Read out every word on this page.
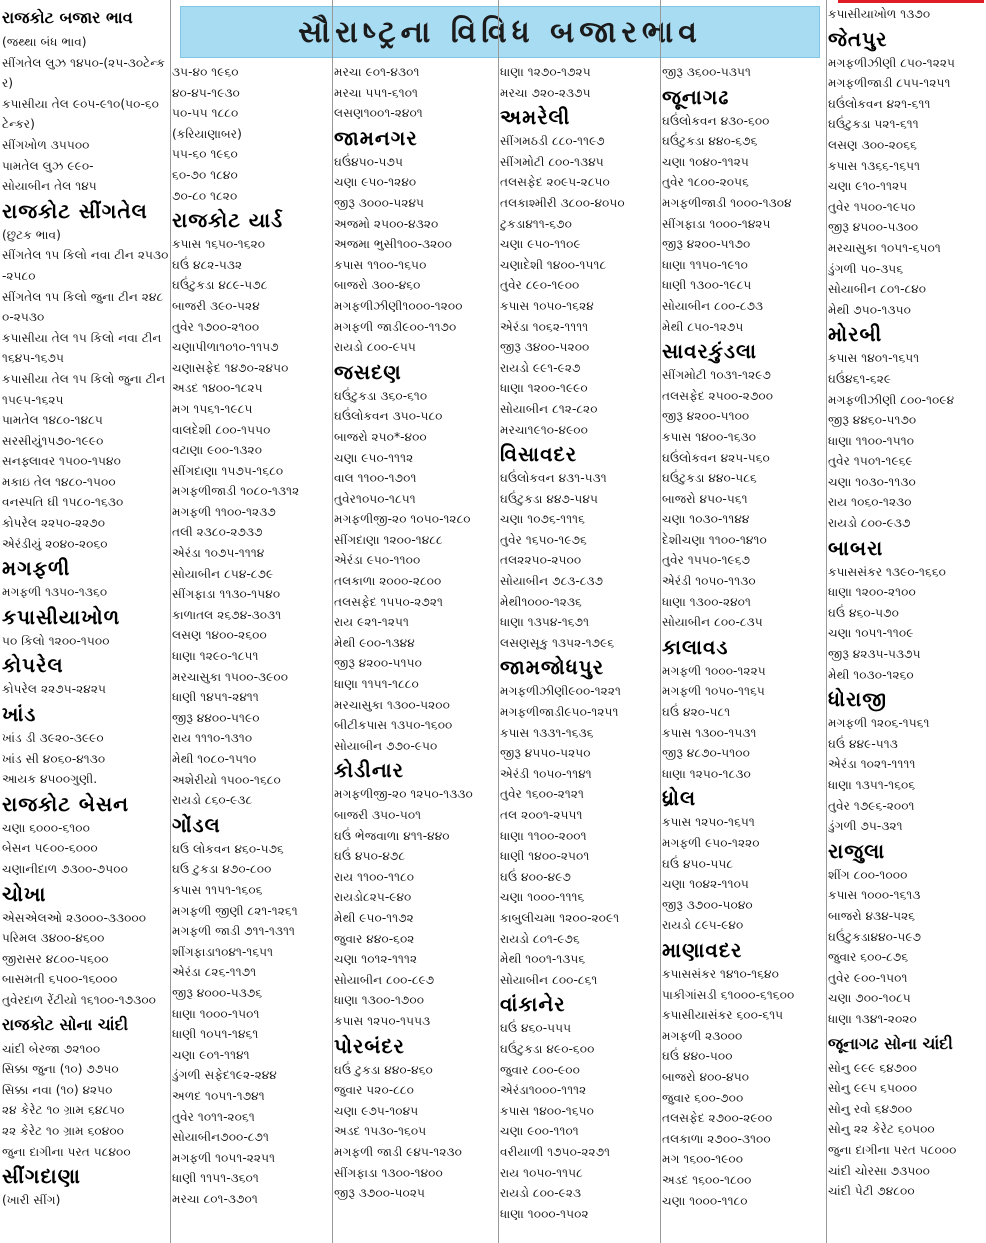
સૌરાષ્ટ્રના વિવિધ બજારભાવ
રાજકોટ બજાર ભાવ
(જથ્થા બંધ ભાવ)
સીંગતેલ લુઝ ૧૪૫૦-(૨૫-૩૦ટેન્કર)
કપાસીયા તેલ ૯૦૫-૯૧૦(૫૦-૬૦ ટેન્કર)
સીંગખોળ ૩૫૫૦૦
પામતેલ લુઝ ૯૯૦-
સોયાબીન તેલ ૧૪૫
રાજકોટ સીંગતેલ
(છુટક ભાવ)
સીંગતેલ ૧૫ કિલો નવા ટીન ૨૫૩૦-૨૫૮૦
સીંગતેલ ૧૫ કિલો જુના ટીન ૨૪૮૦-૨૫૩૦
કપાસીયા તેલ ૧૫ કિલો નવા ટીન ૧૬૪૫-૧૬૭૫
કપાસીયા તેલ ૧૫ કિલો જુના ટીન ૧૫૯૫-૧૬૨૫
પામતેલ ૧૪૮૦-૧૪૮૫
સરસીયું૧૫૭૦-૧૯૯૦
સનફ્લાવર ૧૫૦૦-૧૫૪૦
મકાઇ તેલ ૧૪૮૦-૧૫૦૦
વનસ્પતિ ઘી ૧૫૮૦-૧૬૩૦
કોપરેલ ૨૨૫૦-૨૨૭૦
એરંડીયું ૨૦૪૦-૨૦૬૦
મગફળી
મગફળી ૧૩૫૦-૧૩૬૦
કપાસીયાખોળ
૫૦ કિલો ૧૨૦૦-૧૫૦૦
કોપરેલ
કોપરેલ ૨૨૭૫-૨૪૨૫
ખાંડ
ખાંડ ડી ૩૯૨૦-૩૯૯૦
ખાંડ સી ૪૦૬૦-૪૧૩૦
આયક ૪૫૦૦ગુણી.
રાજકોટ બેસન
ચણા ૬૦૦૦-૬૧૦૦
બેસન ૫૯૦૦-૬૦૦૦
ચણાનીદાળ ૭૩૦૦-૭૫૦૦
ચોખા
એસએલઓ ૨૩૦૦૦-૩૩૦૦૦
પરિમલ ૩૪૦૦-૪૬૦૦
જીરાસર ૪૮૦૦-૫૬૦૦
બાસમતી ૬૫૦૦-૧૬૦૦૦
તુવેરદાળ રેંટીયો ૧૬૧૦૦-૧૭૩૦૦
રાજકોટ સોના ચાંદી
ચાંદી બેરજા ૭૨૧૦૦
સિક્કા જુના (૧૦) ૭૭૫૦
સિક્કા નવા (૧૦) ૪૨૫૦
૨૪ કેરેટ ૧૦ ગ્રામ ૬૪૮૫૦
૨૨ કેરેટ ૧૦ ગ્રામ ૬૦૪૦૦
જુના દાગીના પરત ૫૮૪૦૦
સીંગદાણા
(ખારી સીંગ)
૩૫-૪૦ ૧૯૬૦
૪૦-૪૫-૧૯૩૦
૫૦-૫૫ ૧૮૮૦
(કરિયાણાબર)
૫૫-૬૦ ૧૯૬૦
૬૦-૭૦ ૧૮૪૦
૭૦-૮૦ ૧૮૨૦
રાજકોટ યાર્ડ
કપાસ ૧૬૫૦-૧૬૨૦
ઘઉં ૪૮૨-૫૩૨
ઘઉંટુકડા ૪૮૯-૫૭૮
બાજરી ૩૯૦-૫૨૪
તુવેર ૧૭૦૦-૨૧૦૦
ચણાપીળા૧૦૧૦-૧૧૫૭
ચણાસફેદ ૧૪૭૦-૨૪૫૦
અડદ ૧૪૦૦-૧૮૨૫
મગ ૧૫૬૧-૧૯૮૫
વાલદેશી ૮૦૦-૧૫૫૦
વટાણા ૯૦૦-૧૩૨૦
સીંગદાણા ૧૫૭૫-૧૬૮૦
મગફળીજાડી ૧૦૮૦-૧૩૧૨
મગફળી ૧૧૦૦-૧૨૩૭
તલી ૨૩૮૦-૨૭૩૭
એરંડા ૧૦૭૫-૧૧૧૪
સોયાબીન ૮૫૪-૮૭૯
સીંગફાડા ૧૧૩૦-૧૫૪૦
કાળાતલ ૨૬૭૪-૩૦૩૧
લસણ ૧૪૦૦-૨૬૦૦
ધાણા ૧૨૯૦-૧૮૫૧
મરચાસુકા ૧૫૦૦-૩૯૦૦
ધાણી ૧૪૫૧-૨૪૧૧
જીરૂ ૪૪૦૦-૫૧૯૦
રાય ૧૧૧૦-૧૩૧૦
મેથી ૧૦૮૦-૧૫૧૦
અશેરીયો ૧૫૦૦-૧૬૮૦
રાયડો ૮૬૦-૯૩૮
ગોંડલ
ઘઉ લોકવન ૪૬૦-૫૭૬
ઘઉ ટુકડા ૪૭૦-૮૦૦
કપાસ ૧૧૫૧-૧૬૦૬
મગફળી જીણી ૮૨૧-૧૨૬૧
મગફળી જાડી ૭૧૧-૧૩૧૧
શીંગફાડા૧૦૪૧-૧૬૫૧
એરંડા ૮૨૬-૧૧૭૧
જીરૂ ૪૦૦૦-૫૩૭૬
ધાણા ૧૦૦૦-૧૫૦૧
ધાણી ૧૦૫૧-૧૪૬૧
ચણા ૯૦૧-૧૧૪૧
ડુંગળી સફેદ૧૯૨-૨૪૪
અળદ ૧૦૫૧-૧૭૪૧
તુવેર ૧૦૧૧-૨૦૬૧
સોયાબીન૭૦૦-૮૭૧
મગફળી ૧૦૫૧-૨૨૫૧
ધાણી ૧૧૫૧-૩૬૦૧
મરચા ૮૦૧-૩૭૦૧
મરચા ૯૦૧-૪૩૦૧
મરચા ૫૫૧-૬૧૦૧
લસણ૧૦૦૧-૨૪૦૧
જામનગર
ઘઉં૪૫૦-૫૭૫
ચણા ૯૫૦-૧૨૪૦
જીરૂ ૩૦૦૦-૫૨૪૫
અજમો ૨૫૦૦-૪૩૨૦
અજમા ભુસી૧૦૦-૩૨૦૦
કપાસ ૧૧૦૦-૧૬૫૦
બાજરો ૩૦૦-૪૬૦
મગફળીઝીણી૧૦૦૦-૧૨૦૦
મગફળી જાડી૯૦૦-૧૧૭૦
રાયડો ૮૦૦-૯૫૫
જસદણ
ઘઉંટુકડા ૩૬૦-૬૧૦
ઘઉંલોકવન ૩૫૦-૫૮૦
બાજરો ૨૫૦*-૪૦૦
ચણા ૯૫૦-૧૧૧૨
વાલ ૧૧૦૦-૧૭૦૧
તુવેર૧૦૫૦-૧૮૫૧
મગફળીજી-૨૦ ૧૦૫૦-૧૨૮૦
સીંગદાણા ૧૨૦૦-૧૪૮૮
એરંડા ૯૫૦-૧૧૦૦
તલકાળા ૨૦૦૦-૨૮૦૦
તલસફેદ ૧૫૫૦-૨૭૨૧
રાય ૯૨૧-૧૨૫૧
મેથી ૯૦૦-૧૩૪૪
જીરૂ ૪૨૦૦-૫૧૫૦
ધાણા ૧૧૫૧-૧૮૮૦
મરચાસુકા ૧૩૦૦-૫૨૦૦
બીટીકપાસ ૧૩૫૦-૧૬૦૦
સોયાબીન ૭૭૦-૯૫૦
કોડીનાર
મગફળીજી-૨૦ ૧૨૫૦-૧૩૩૦
બાજરી ૩૫૦-૫૦૧
ઘઉં ભેજવાળા ૪૧૧-૪૪૦
ઘઉં ૪૫૦-૪૭૮
રાય ૧૧૦૦-૧૧૮૦
રાયડો૮૨૫-૯૪૦
મેથી ૯૫૦-૧૧૭૨
જુવાર ૪૪૦-૬૦૨
ચણા ૧૦૧૨-૧૧૧૨
સોયાબીન ૮૦૦-૮૯૭
ધાણા ૧૩૦૦-૧૭૦૦
કપાસ ૧૨૫૦-૧૫૫૩
પોરબંદર
ઘઉં ટુકડા ૪૪૦-૪૬૦
જુવાર ૫૨૦-૮૮૦
ચણા ૯૭૫-૧૦૪૫
અડદ ૧૫૩૦-૧૬૦૫
મગફળી જાડી ૯૪૫-૧૨૩૦
સીંગફાડા ૧૩૦૦-૧૪૦૦
જીરૂ ૩૭૦૦-૫૦૨૫
ધાણા ૧૨૭૦-૧૭૨૫
મરચા ૭૨૦-૨૩૭૫
અમરેલી
સીંગમઠડી ૮૮૦-૧૧૯૭
સીંગમોટી ૮૦૦-૧૩૪૫
તલસફેદ ૨૦૯૫-૨૮૫૦
તલકાશ્મીરી ૩૮૦૦-૪૦૫૦
ટુકડા૪૧૧-૬૭૦
ચણા ૯૫૦-૧૧૦૯
ચણાદેશી ૧૪૦૦-૧૫૧૮
તુવેર ૮૯૦-૧૯૦૦
કપાસ ૧૦૫૦-૧૬૨૪
એરંડા ૧૦૬૨-૧૧૧૧
જીરૂ ૩૪૦૦-૫૨૦૦
રાયડો ૯૯૧-૯૨૭
ધાણા ૧૨૦૦-૧૯૯૦
સોયાબીન ૮૧૨-૮૨૦
મરચા૧૯૧૦-૪૯૦૦
વિસાવદર
ઘઉંલોકવન ૪૩૧-૫૩૧
ઘઉંટુકડા ૪૪૭-૫૪૫
ચણા ૧૦૭૬-૧૧૧૬
તુવેર ૧૬૫૦-૧૯૭૬
તલ૨૨૫૦-૨૫૦૦
સોયાબીન ૭૮૩-૮૩૭
મેથી૧૦૦૦-૧૨૩૬
ધાણા ૧૩૫૪-૧૬૭૧
લસણસૂકુ ૧૩૫૨-૧૭૯૬
જામજોધપુર
મગફળીઝીણી૯૦૦-૧૨૨૧
મગફળીજાડી૯૫૦-૧૨૫૧
કપાસ ૧૩૩૧-૧૬૩૬
જીરૂ ૪૫૫૦-૫૨૫૦
એરંડી ૧૦૫૦-૧૧૪૧
તુવેર ૧૬૦૦-૨૧૨૧
તલ ૨૦૦૧-૨૫૫૧
ધાણા ૧૧૦૦-૨૦૦૧
ધાણી ૧૪૦૦-૨૫૦૧
ઘઉં ૪૦૦-૪૯૭
ચણા ૧૦૦૦-૧૧૧૬
કાબુલીચમા ૧૨૦૦-૨૦૯૧
રાયડો ૮૦૧-૯૭૬
મેથી ૧૦૦૧-૧૩૫૬
સોયાબીન ૮૦૦-૮૬૧
વાંકાનેર
ઘઉં ૪૬૦-૫૫૫
ઘઉંટુકડા ૪૯૦-૬૦૦
જુવાર ૮૦૦-૯૦૦
એરંડા૧૦૦૦-૧૧૧૨
કપાસ ૧૪૦૦-૧૬૫૦
ચણા ૯૦૦-૧૧૦૧
વરીયાળી ૧૭૫૦-૨૨૭૧
રાય ૧૦૫૦-૧૧૫૮
રાયડો ૮૦૦-૯૨૩
ધાણા ૧૦૦૦-૧૫૦૨
જીરૂ ૩૬૦૦-૫૩૫૧
જૂનાગઢ
ઘઉંલોકવન ૪૩૦-૬૦૦
ઘઉંટુકડા ૪૪૦-૬૭૬
ચણા ૧૦૪૦-૧૧૨૫
તુવેર ૧૮૦૦-૨૦૫૬
મગફળીજાડી ૧૦૦૦-૧૩૦૪
સીંગફાડા ૧૦૦૦-૧૪૨૫
જીરૂ ૪૨૦૦-૫૧૭૦
ધાણા ૧૧૫૦-૧૯૧૦
ધાણી ૧૩૦૦-૧૯૮૫
સોયાબીન ૮૦૦-૮૭૩
મેથી ૮૫૦-૧૨૭૫
સાવરકુંડલા
સીંગમોટી ૧૦૩૧-૧૨૯૭
તલસફેદ ૨૫૦૦-૨૭૦૦
જીરૂ ૪૨૦૦-૫૧૦૦
કપાસ ૧૪૦૦-૧૬૩૦
ઘઉંલોકવન ૪૨૫-૫૬૦
ઘઉંટુકડા ૪૪૦-૫૮૬
બાજરો ૪૫૦-૫૬૧
ચણા ૧૦૩૦-૧૧૪૪
દેશીચણા ૧૧૦૦-૧૪૧૦
તુવેર ૧૫૫૦-૧૯૬૭
એરંડી ૧૦૫૦-૧૧૩૦
ધાણા ૧૩૦૦-૨૪૦૧
સોયાબીન ૮૦૦-૮૩૫
કાલાવડ
મગફળી ૧૦૦૦-૧૨૨૫
મગફળી ૧૦૫૦-૧૧૬૫
ઘઉં ૪૨૦-૫૮૧
કપાસ ૧૩૦૦-૧૫૩૧
જીરૂ ૪૮૭૦-૫૧૦૦
ધાણા ૧૨૫૦-૧૮૩૦
ધ્રોલ
કપાસ ૧૨૫૦-૧૬૫૧
મગફળી ૯૫૦-૧૨૨૦
ઘઉં ૪૫૦-૫૫૮
ચણા ૧૦૪૨-૧૧૦૫
જીરૂ ૩૭૦૦-૫૦૪૦
રાયડો ૮૯૫-૯૪૦
માણાવદર
કપાસસંકર ૧૪૧૦-૧૬૪૦
પાકીગાંસડી ૬૧૦૦૦-૬૧૬૦૦
કપાસીયાસંકર ૬૦૦-૬૧૫
મગફળી ૨૩૦૦૦
ઘઉં ૪૪૦-૫૦૦
બાજરો ૪૦૦-૪૫૦
જુવાર ૬૦૦-૭૦૦
તલસફેદ ૨૭૦૦-૨૯૦૦
તલકાળા ૨૭૦૦-૩૧૦૦
મગ ૧૬૦૦-૧૯૦૦
અડદ ૧૬૦૦-૧૮૦૦
ચણા ૧૦૦૦-૧૧૮૦
કપાસીયાખોળ ૧૩૭૦
જેતપુર
મગફળીઝીણી ૮૫૦-૧૨૨૫
મગફળીજાડી ૮૫૫-૧૨૫૧
ઘઉંલોકવન ૪૨૧-૬૧૧
ઘઉંટુકડા ૫૨૧-૬૧૧
લસણ ૩૦૦-૨૦૬૬
કપાસ ૧૩૬૬-૧૬૫૧
ચણા ૯૧૦-૧૧૨૫
તુવેર ૧૫૦૦-૧૯૫૦
જીરૂ ૪૫૦૦-૫૩૦૦
મરચાસુકા ૧૦૫૧-૬૫૦૧
ડુંગળી ૫૦-૩૫૬
સોયાબીન ૮૦૧-૮૪૦
મેથી ૭૫૦-૧૩૫૦
મોરબી
કપાસ ૧૪૦૧-૧૬૫૧
ઘઉં૪૬૧-૬૨૯
મગફળીઝીણી ૮૦૦-૧૦૯૪
જીરૂ ૪૪૬૦-૫૧૭૦
ધાણા ૧૧૦૦-૧૫૧૦
તુવેર ૧૫૦૧-૧૯૬૯
ચણા ૧૦૩૦-૧૧૩૦
રાય ૧૦૬૦-૧૨૩૦
રાયડો ૮૦૦-૯૩૭
બાબરા
કપાસસંકર ૧૩૯૦-૧૬૬૦
ધાણા ૧૨૦૦-૨૧૦૦
ઘઉં ૪૬૦-૫૭૦
ચણા ૧૦૫૧-૧૧૦૯
જીરૂ ૪૨૩૫-૫૩૭૫
મેથી ૧૦૩૦-૧૨૬૦
ધોરાજી
મગફળી ૧૨૦૬-૧૫૬૧
ઘઉં ૪૪૯-૫૧૩
એરંડા ૧૦૨૧-૧૧૧૧
ધાણા ૧૩૫૧-૧૬૦૬
તુવેર ૧૭૯૬-૨૦૦૧
ડુંગળી ૭૫-૩૨૧
રાજુલા
શીંગ ૮૦૦-૧૦૦૦
કપાસ ૧૦૦૦-૧૬૧૩
બાજરો ૪૩૪-૫૨૬
ઘઉંટુકડા૪૪૦-૫૯૭
જુવાર ૬૦૦-૮૭૬
તુવેર ૯૦૦-૧૫૦૧
ચણા ૭૦૦-૧૦૮૫
ધાણા ૧૩૪૧-૨૦૨૦
જૂનાગઢ સોના ચાંદી
સોનુ ૯૯૯ ૬૪૭૦૦
સોનુ ૯૯૫ ૬૫૦૦૦
સોનુ રવો ૬૪૭૦૦
સોનુ ૨૨ કેરેટ ૬૦૫૦૦
જુના દાગીના પરત ૫૮૦૦૦
ચાંદી ચોરસા ૭૩૫૦૦
ચાંદી પેટી ૭૪૮૦૦
